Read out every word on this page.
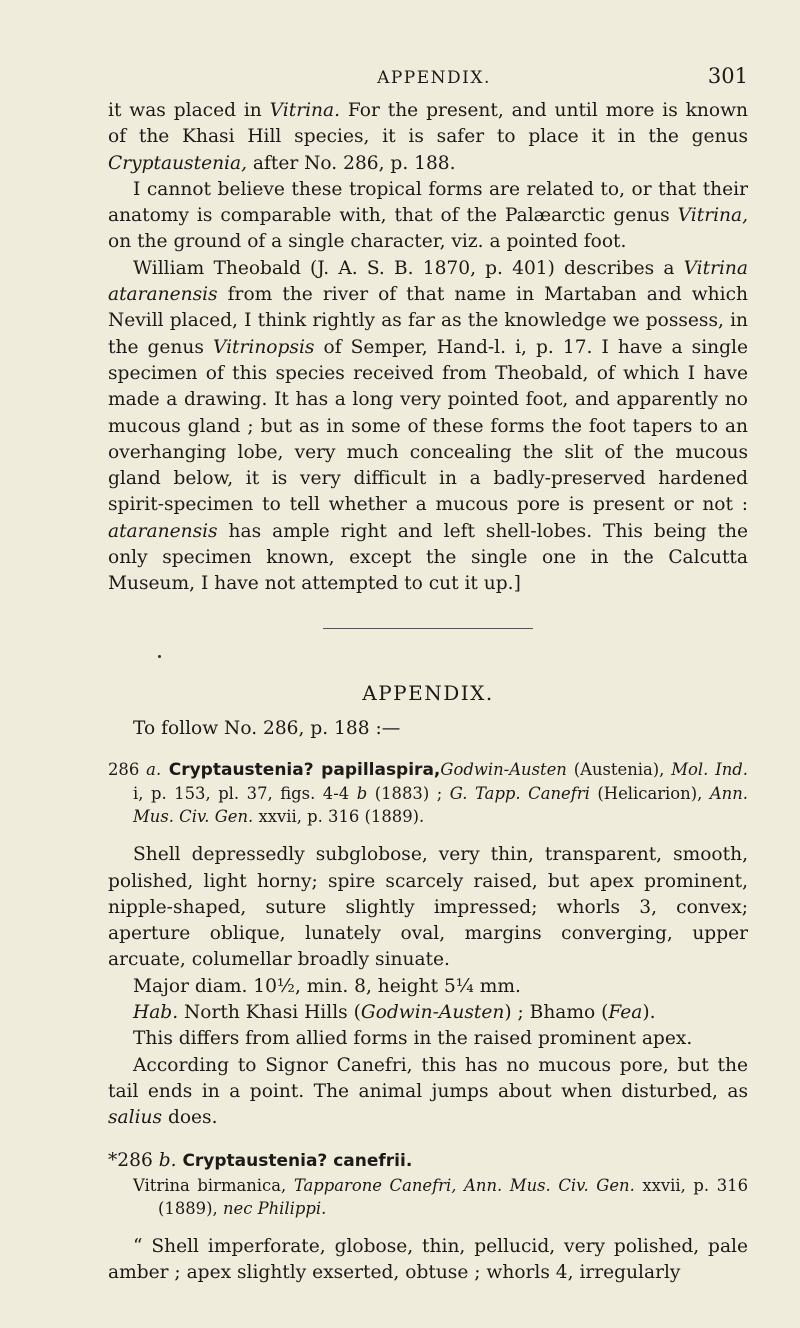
APPENDIX.	301

it was placed in Vitrina. For the present, and until more is known of the Khasi Hill species, it is safer to place it in the genus Cryptaustenia, after No. 286, p. 188.

I cannot believe these tropical forms are related to, or that their anatomy is comparable with, that of the Palæarctic genus Vitrina, on the ground of a single character, viz. a pointed foot.

William Theobald (J. A. S. B. 1870, p. 401) describes a Vitrina ataranensis from the river of that name in Martaban and which Nevill placed, I think rightly as far as the knowledge we possess, in the genus Vitrinopsis of Semper, Hand-l. i, p. 17. I have a single specimen of this species received from Theobald, of which I have made a drawing. It has a long very pointed foot, and apparently no mucous gland ; but as in some of these forms the foot tapers to an overhanging lobe, very much concealing the slit of the mucous gland below, it is very difficult in a badly-preserved hardened spirit-specimen to tell whether a mucous pore is present or not : ataranensis has ample right and left shell-lobes. This being the only specimen known, except the single one in the Calcutta Museum, I have not attempted to cut it up.]

APPENDIX.

To follow No. 286, p. 188 :—

286 a. Cryptaustenia? papillaspira,Godwin-Austen (Austenia), Mol. Ind. i, p. 153, pl. 37, figs. 4-4 b (1883) ; G. Tapp. Canefri (Helicarion), Ann. Mus. Civ. Gen. xxvii, p. 316 (1889).

Shell depressedly subglobose, very thin, transparent, smooth, polished, light horny; spire scarcely raised, but apex prominent, nipple-shaped, suture slightly impressed; whorls 3, convex; aperture oblique, lunately oval, margins converging, upper arcuate, columellar broadly sinuate.

Major diam. 10½, min. 8, height 5¼ mm.

Hab. North Khasi Hills (Godwin-Austen) ; Bhamo (Fea).

This differs from allied forms in the raised prominent apex.

According to Signor Canefri, this has no mucous pore, but the tail ends in a point. The animal jumps about when disturbed, as salius does.

*286 b. Cryptaustenia? canefrii.

Vitrina birmanica, Tapparone Canefri, Ann. Mus. Civ. Gen. xxvii, p. 316 (1889), nec Philippi.

“ Shell imperforate, globose, thin, pellucid, very polished, pale amber ; apex slightly exserted, obtuse ; whorls 4, irregularly
